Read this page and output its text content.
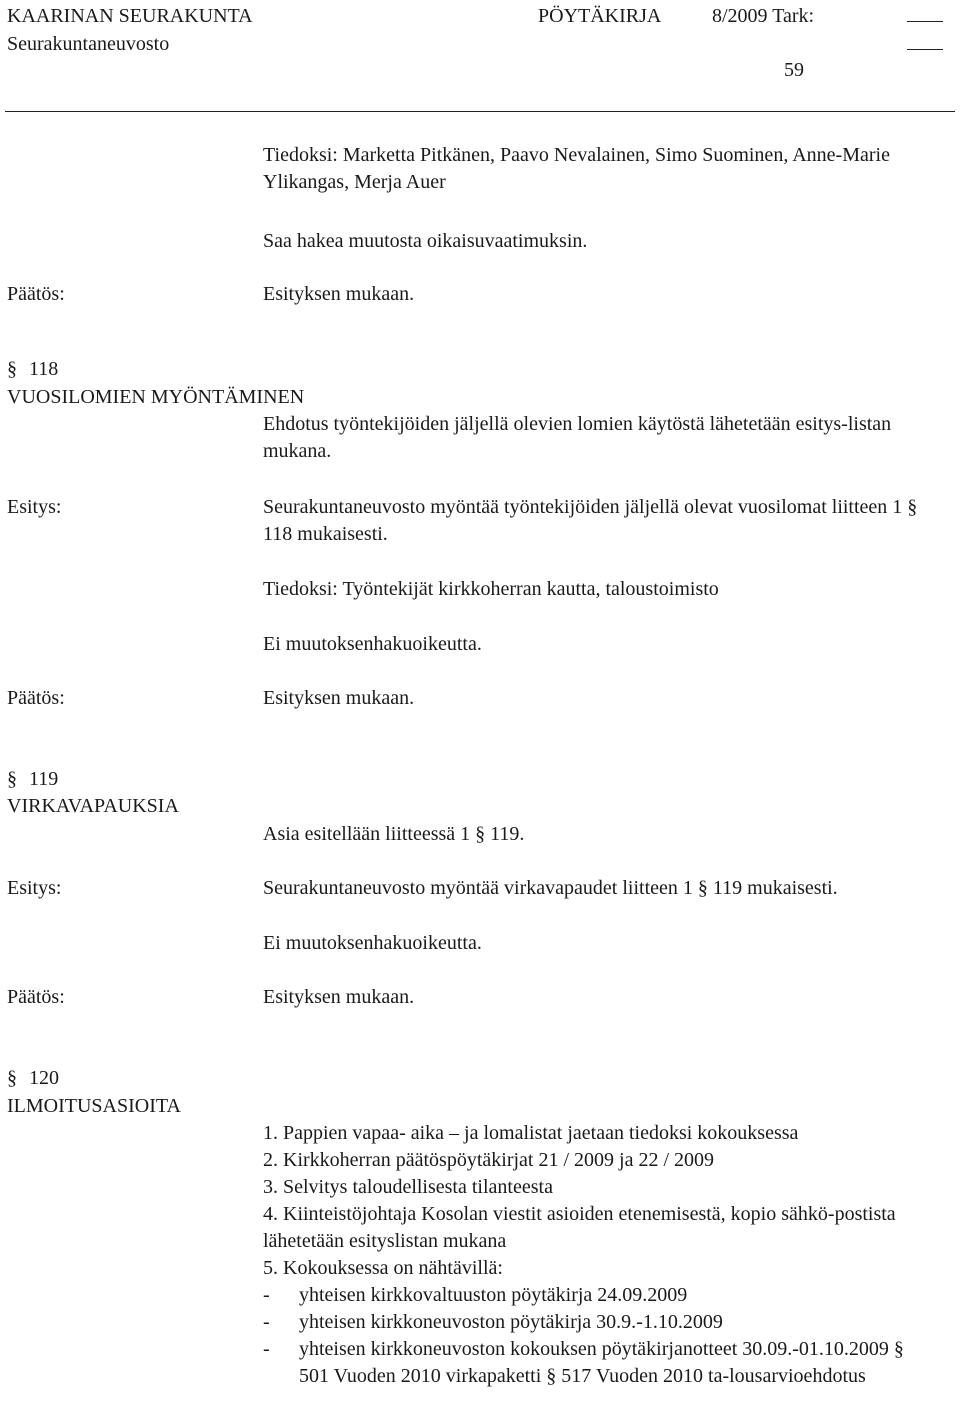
KAARINAN SEURAKUNTA
Seurakuntaneuvosto
PÖYTÄKIRJA	8/2009 Tark:
59
Tiedoksi: Marketta Pitkänen, Paavo Nevalainen, Simo Suominen, Anne-Marie Ylikangas, Merja Auer
Saa hakea muutosta oikaisuvaatimuksin.
Päätös:	Esityksen mukaan.
§ 118
VUOSILOMIEN MYÖNTÄMINEN
Ehdotus työntekijöiden jäljellä olevien lomien käytöstä lähetetään esitys-listan mukana.
Esitys:	Seurakuntaneuvosto myöntää työntekijöiden jäljellä olevat vuosilomat liitteen 1 § 118 mukaisesti.
Tiedoksi: Työntekijät kirkkoherran kautta, taloustoimisto
Ei muutoksenhakuoikeutta.
Päätös:	Esityksen mukaan.
§ 119
VIRKAVAPAUKSIA
Asia esitellään liitteessä 1 § 119.
Esitys:	Seurakuntaneuvosto myöntää virkavapaudet liitteen 1 § 119 mukaisesti.
Ei muutoksenhakuoikeutta.
Päätös:	Esityksen mukaan.
§ 120
ILMOITUSASIOITA
1. Pappien vapaa- aika – ja lomalistat jaetaan tiedoksi kokouksessa
2. Kirkkoherran päätöspöytäkirjat 21 / 2009 ja 22 / 2009
3. Selvitys taloudellisesta tilanteesta
4. Kiinteistöjohtaja Kosolan viestit asioiden etenemisestä, kopio sähkö-postista lähetetään esityslistan mukana
5. Kokouksessa on nähtävillä:
-	yhteisen kirkkovaltuuston pöytäkirja 24.09.2009
-	yhteisen kirkkoneuvoston pöytäkirja 30.9.-1.10.2009
-	yhteisen kirkkoneuvoston kokouksen pöytäkirjanotteet 30.09.-01.10.2009 § 501 Vuoden 2010 virkapaketti § 517 Vuoden 2010 ta-lousarvioehdotus
